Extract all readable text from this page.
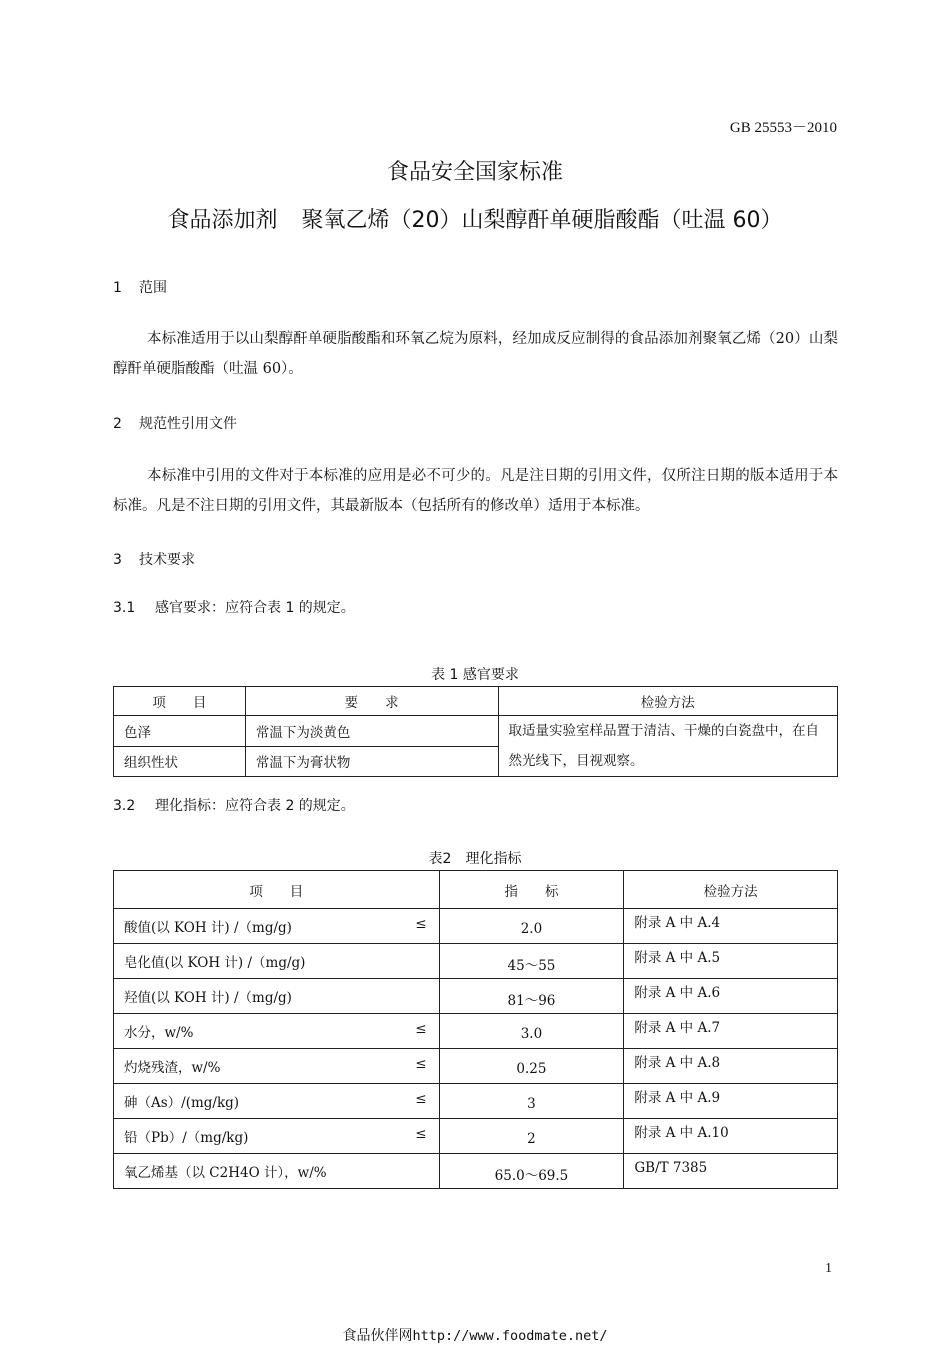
GB 25553－2010
食品安全国家标准
食品添加剂 聚氧乙烯（20）山梨醇酐单硬脂酸酯（吐温 60）
1 范围
本标准适用于以山梨醇酐单硬脂酸酯和环氧乙烷为原料，经加成反应制得的食品添加剂聚氧乙烯（20）山梨醇酐单硬脂酸酯（吐温 60）。
2 规范性引用文件
本标准中引用的文件对于本标准的应用是必不可少的。凡是注日期的引用文件，仅所注日期的版本适用于本标准。凡是不注日期的引用文件，其最新版本（包括所有的修改单）适用于本标准。
3 技术要求
3.1 感官要求：应符合表 1 的规定。
表 1 感官要求
项　　目	要　　求	检验方法
色泽	常温下为淡黄色	取适量实验室样品置于清洁、干燥的白瓷盘中，在自然光线下，目视观察。
组织性状	常温下为膏状物	
3.2 理化指标：应符合表 2 的规定。
表2　理化指标
项　　目	指　　标	检验方法

酸值(以 KOH 计) /（mg/g) ≤	2.0	附录 A 中 A.4

皂化值(以 KOH 计) /（mg/g)	45～55	附录 A 中 A.5

羟值(以 KOH 计) /（mg/g)	81～96	附录 A 中 A.6

水分，w/% ≤	3.0	附录 A 中 A.7

灼烧残渣，w/% ≤	0.25	附录 A 中 A.8

砷（As）/(mg/kg) ≤	3	附录 A 中 A.9

铅（Pb）/（mg/kg) ≤	2	附录 A 中 A.10

氧乙烯基（以 C2H4O 计），w/%	65.0～69.5	GB/T 7385
1
食品伙伴网http://www.foodmate.net/
